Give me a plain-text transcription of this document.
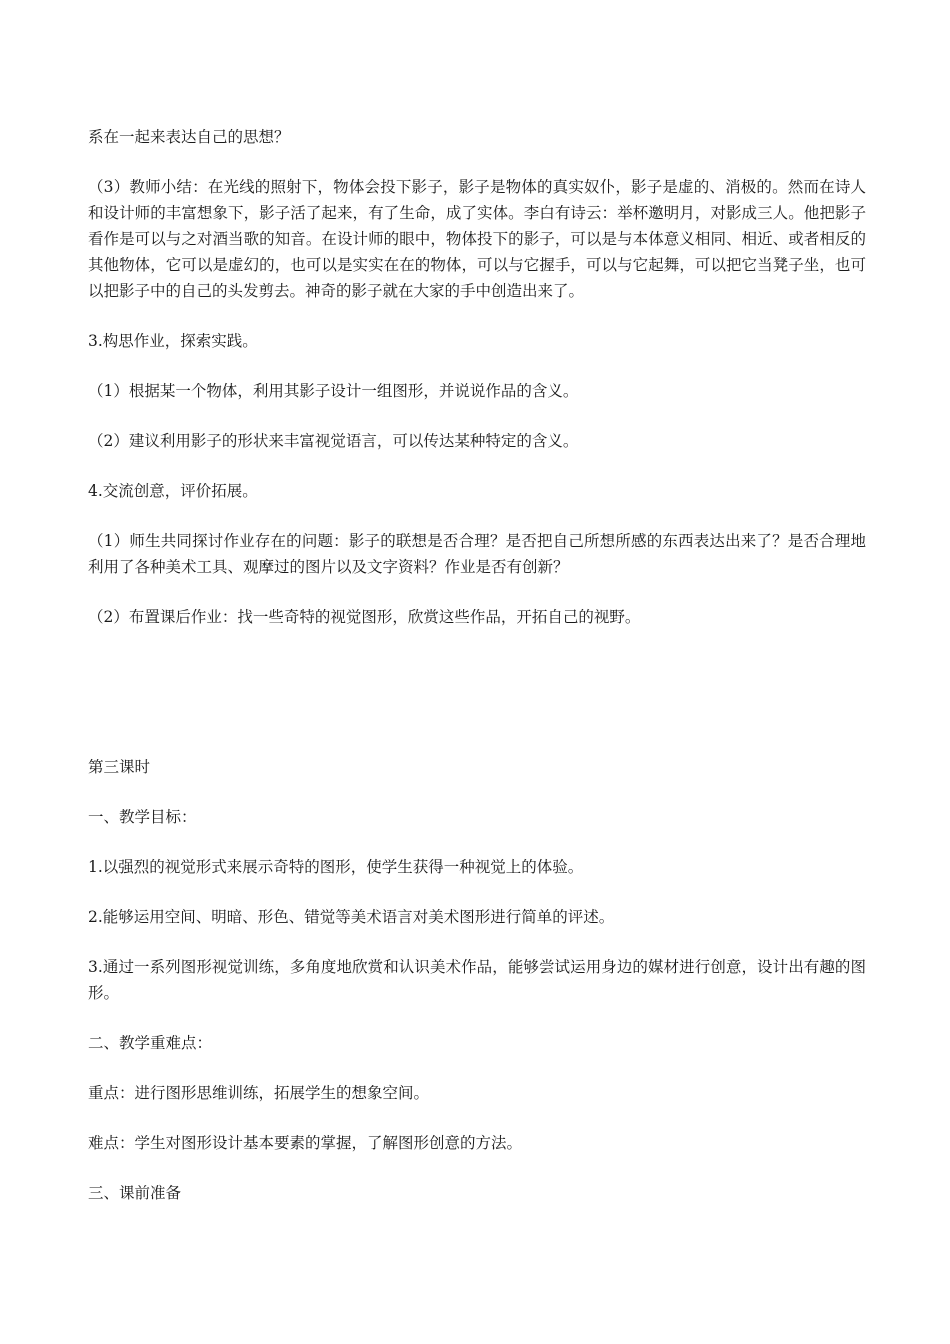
系在一起来表达自己的思想？

（3）教师小结：在光线的照射下，物体会投下影子，影子是物体的真实奴仆，影子是虚的、消极的。然而在诗人和设计师的丰富想象下，影子活了起来，有了生命，成了实体。李白有诗云：举杯邀明月，对影成三人。他把影子看作是可以与之对酒当歌的知音。在设计师的眼中，物体投下的影子，可以是与本体意义相同、相近、或者相反的其他物体，它可以是虚幻的，也可以是实实在在的物体，可以与它握手，可以与它起舞，可以把它当凳子坐，也可以把影子中的自己的头发剪去。神奇的影子就在大家的手中创造出来了。

3.构思作业，探索实践。

（1）根据某一个物体，利用其影子设计一组图形，并说说作品的含义。

（2）建议利用影子的形状来丰富视觉语言，可以传达某种特定的含义。

4.交流创意，评价拓展。

（1）师生共同探讨作业存在的问题：影子的联想是否合理？是否把自己所想所感的东西表达出来了？是否合理地利用了各种美术工具、观摩过的图片以及文字资料？作业是否有创新？

（2）布置课后作业：找一些奇特的视觉图形，欣赏这些作品，开拓自己的视野。

第三课时

一、教学目标：

1.以强烈的视觉形式来展示奇特的图形，使学生获得一种视觉上的体验。

2.能够运用空间、明暗、形色、错觉等美术语言对美术图形进行简单的评述。

3.通过一系列图形视觉训练，多角度地欣赏和认识美术作品，能够尝试运用身边的媒材进行创意，设计出有趣的图形。

二、教学重难点：

重点：进行图形思维训练，拓展学生的想象空间。

难点：学生对图形设计基本要素的掌握，了解图形创意的方法。

三、课前准备
